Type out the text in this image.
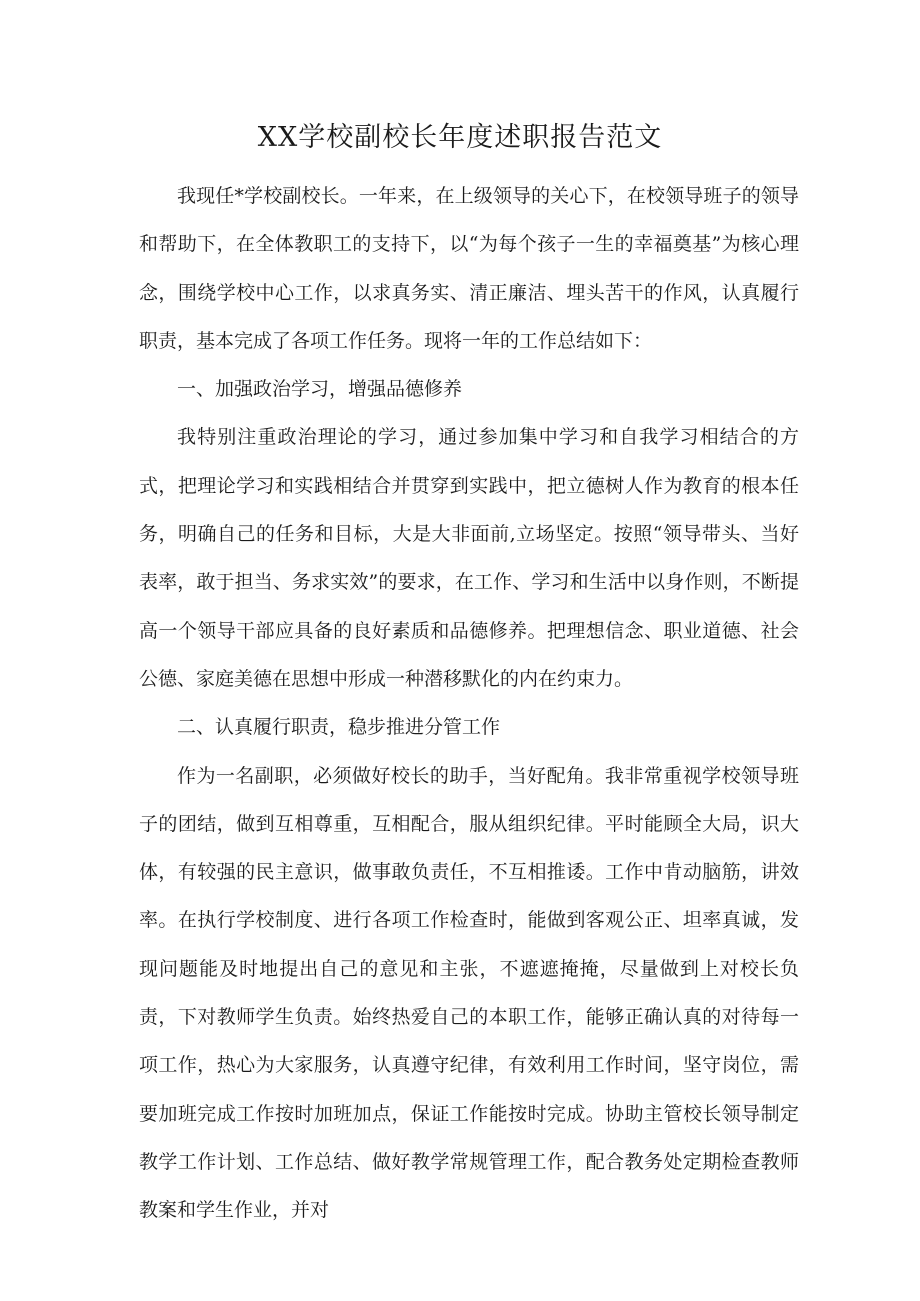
XX学校副校长年度述职报告范文

我现任*学校副校长。一年来，在上级领导的关心下，在校领导班子的领导和帮助下，在全体教职工的支持下，以“为每个孩子一生的幸福奠基”为核心理念，围绕学校中心工作，以求真务实、清正廉洁、埋头苦干的作风，认真履行职责，基本完成了各项工作任务。现将一年的工作总结如下：

一、加强政治学习，增强品德修养

我特别注重政治理论的学习，通过参加集中学习和自我学习相结合的方式，把理论学习和实践相结合并贯穿到实践中，把立德树人作为教育的根本任务，明确自己的任务和目标，大是大非面前,立场坚定。按照“领导带头、当好表率，敢于担当、务求实效”的要求，在工作、学习和生活中以身作则，不断提高一个领导干部应具备的良好素质和品德修养。把理想信念、职业道德、社会公德、家庭美德在思想中形成一种潜移默化的内在约束力。

二、认真履行职责，稳步推进分管工作

作为一名副职，必须做好校长的助手，当好配角。我非常重视学校领导班子的团结，做到互相尊重，互相配合，服从组织纪律。平时能顾全大局，识大体，有较强的民主意识，做事敢负责任，不互相推诿。工作中肯动脑筋，讲效率。在执行学校制度、进行各项工作检查时，能做到客观公正、坦率真诚，发现问题能及时地提出自己的意见和主张，不遮遮掩掩，尽量做到上对校长负责，下对教师学生负责。始终热爱自己的本职工作，能够正确认真的对待每一项工作，热心为大家服务，认真遵守纪律，有效利用工作时间，坚守岗位，需要加班完成工作按时加班加点，保证工作能按时完成。协助主管校长领导制定教学工作计划、工作总结、做好教学常规管理工作，配合教务处定期检查教师教案和学生作业，并对
